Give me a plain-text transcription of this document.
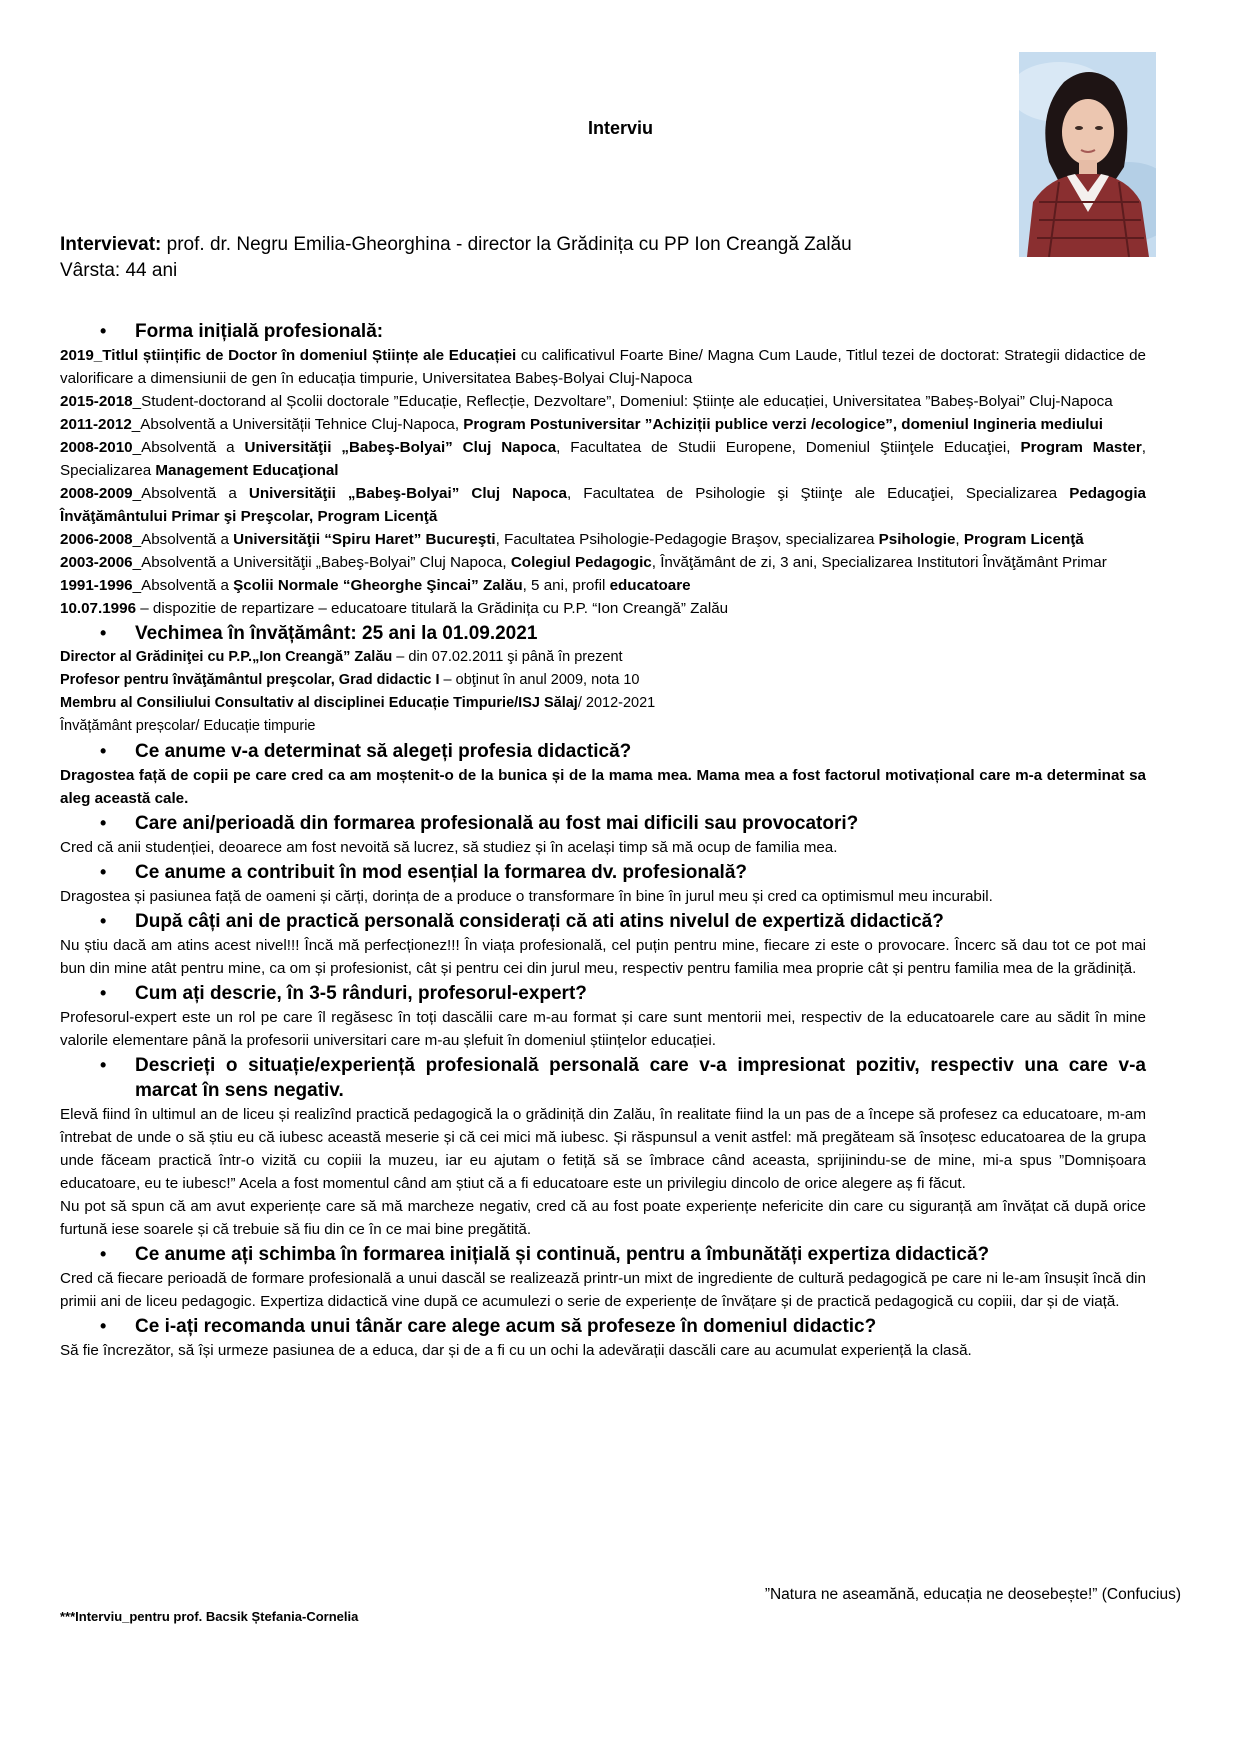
Interviu
Intervievat: prof. dr. Negru Emilia-Gheorghina - director la Grădinița cu PP Ion Creangă Zalău
Vârsta: 44 ani
• Forma inițială profesională:

2019_Titlul științific de Doctor în domeniul Științe ale Educației cu calificativul Foarte Bine/ Magna Cum Laude, Titlul tezei de doctorat: Strategii didactice de valorificare a dimensiunii de gen în educația timpurie, Universitatea Babeș-Bolyai Cluj-Napoca

2015-2018_Student-doctorand al Școlii doctorale ”Educație, Reflecție, Dezvoltare”, Domeniul: Științe ale educației, Universitatea ”Babeș-Bolyai” Cluj-Napoca

2011-2012_Absolventă a Universității Tehnice Cluj-Napoca, Program Postuniversitar ”Achiziții publice verzi /ecologice”, domeniul Ingineria mediului

2008-2010_Absolventă a Universităţii „Babeş-Bolyai” Cluj Napoca, Facultatea de Studii Europene, Domeniul Ştiinţele Educaţiei, Program Master, Specializarea Management Educaţional

2008-2009_Absolventă a Universităţii „Babeş-Bolyai” Cluj Napoca, Facultatea de Psihologie şi Ştiinţe ale Educaţiei, Specializarea Pedagogia Învăţământului Primar şi Preşcolar, Program Licenţă

2006-2008_Absolventă a Universităţii “Spiru Haret” Bucureşti, Facultatea Psihologie-Pedagogie Braşov, specializarea Psihologie, Program Licenţă

2003-2006_Absolventă a Universităţii „Babeş-Bolyai” Cluj Napoca, Colegiul Pedagogic, Învăţământ de zi, 3 ani, Specializarea Institutori Învăţământ Primar

1991-1996_Absolventă a Şcolii Normale “Gheorghe Şincai” Zalău, 5 ani, profil educatoare

10.07.1996 – dispozitie de repartizare – educatoare titulară la Grădinița cu P.P. “Ion Creangă” Zalău

• Vechimea în învățământ: 25 ani la 01.09.2021

Director al Grădiniţei cu P.P.„Ion Creangă” Zalău – din 07.02.2011 şi până în prezent

Profesor pentru învăţământul preşcolar, Grad didactic I – obţinut în anul 2009, nota 10

Membru al Consiliului Consultativ al disciplinei Educație Timpurie/ISJ Sălaj/ 2012-2021

Învățământ preșcolar/ Educație timpurie

• Ce anume v-a determinat să alegeți profesia didactică?

Dragostea față de copii pe care cred ca am moștenit-o de la bunica și de la mama mea. Mama mea a fost factorul motivațional care m-a determinat sa aleg această cale.

• Care ani/perioadă din formarea profesională au fost mai dificili sau provocatori?

Cred că anii studenției, deoarece am fost nevoită să lucrez, să studiez și în același timp să mă ocup de familia mea.

• Ce anume a contribuit în mod esențial la formarea dv. profesională?

Dragostea și pasiunea față de oameni și cărți, dorința de a produce o transformare în bine în jurul meu și cred ca optimismul meu incurabil.

• După câți ani de practică personală considerați că ati atins nivelul de expertiză didactică?

Nu știu dacă am atins acest nivel!!! Încă mă perfecționez!!! În viața profesională, cel puțin pentru mine, fiecare zi este o provocare. Încerc să dau tot ce pot mai bun din mine atât pentru mine, ca om și profesionist, cât și pentru cei din jurul meu, respectiv pentru familia mea proprie cât și pentru familia mea de la grădiniță.

• Cum ați descrie, în 3-5 rânduri, profesorul-expert?

Profesorul-expert este un rol pe care îl regăsesc în toți dascălii care m-au format și care sunt mentorii mei, respectiv de la educatoarele care au sădit în mine valorile elementare până la profesorii universitari care m-au șlefuit în domeniul științelor educației.

• Descrieți o situație/experiență profesională personală care v-a impresionat pozitiv, respectiv una care v-a marcat în sens negativ.

Elevă fiind în ultimul an de liceu și realizînd practică pedagogică la o grădiniță din Zalău, în realitate fiind la un pas de a începe să profesez ca educatoare, m-am întrebat de unde o să știu eu că iubesc această meserie și că cei mici mă iubesc. Și răspunsul a venit astfel: mă pregăteam să însoțesc educatoarea de la grupa unde făceam practică într-o vizită cu copiii la muzeu, iar eu ajutam o fetiță să se îmbrace când aceasta, sprijinindu-se de mine, mi-a spus ”Domnișoara educatoare, eu te iubesc!” Acela a fost momentul când am știut că a fi educatoare este un privilegiu dincolo de orice alegere aș fi făcut.

Nu pot să spun că am avut experiențe care să mă marcheze negativ, cred că au fost poate experiențe nefericite din care cu siguranță am învățat că după orice furtună iese soarele și că trebuie să fiu din ce în ce mai bine pregătită.

• Ce anume ați schimba în formarea inițială și continuă, pentru a îmbunătăți expertiza didactică?

Cred că fiecare perioadă de formare profesională a unui dascăl se realizează printr-un mixt de ingrediente de cultură pedagogică pe care ni le-am însușit încă din primii ani de liceu pedagogic. Expertiza didactică vine după ce acumulezi o serie de experiențe de învățare și de practică pedagogică cu copiii, dar și de viață.

• Ce i-ați recomanda unui tânăr care alege acum să profeseze în domeniul didactic?

Să fie încrezător, să își urmeze pasiunea de a educa, dar și de a fi cu un ochi la adevărații dascăli care au acumulat experiență la clasă.

”Natura ne aseamănă, educația ne deosebește!” (Confucius)
***Interviu_pentru prof. Bacsik Ștefania-Cornelia
